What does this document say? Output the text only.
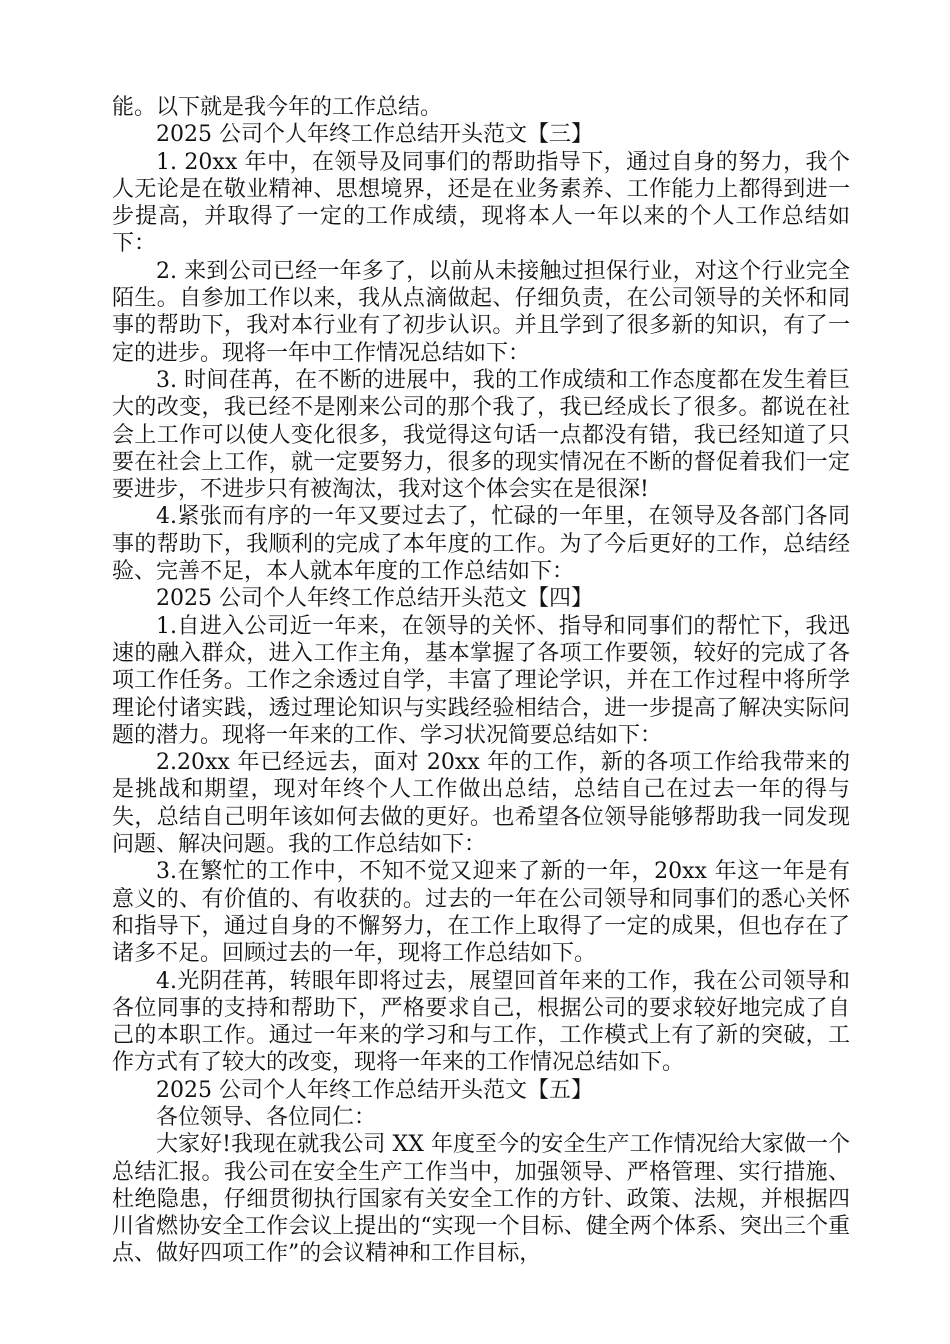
能。以下就是我今年的工作总结。

2025 公司个人年终工作总结开头范文【三】

1. 20xx 年中，在领导及同事们的帮助指导下，通过自身的努力，我个人无论是在敬业精神、思想境界，还是在业务素养、工作能力上都得到进一步提高，并取得了一定的工作成绩，现将本人一年以来的个人工作总结如下：

2. 来到公司已经一年多了，以前从未接触过担保行业，对这个行业完全陌生。自参加工作以来，我从点滴做起、仔细负责，在公司领导的关怀和同事的帮助下，我对本行业有了初步认识。并且学到了很多新的知识，有了一定的进步。现将一年中工作情况总结如下：

3. 时间荏苒，在不断的进展中，我的工作成绩和工作态度都在发生着巨大的改变，我已经不是刚来公司的那个我了，我已经成长了很多。都说在社会上工作可以使人变化很多，我觉得这句话一点都没有错，我已经知道了只要在社会上工作，就一定要努力，很多的现实情况在不断的督促着我们一定要进步，不进步只有被淘汰，我对这个体会实在是很深!

4.紧张而有序的一年又要过去了，忙碌的一年里，在领导及各部门各同事的帮助下，我顺利的完成了本年度的工作。为了今后更好的工作，总结经验、完善不足，本人就本年度的工作总结如下：

2025 公司个人年终工作总结开头范文【四】

1.自进入公司近一年来，在领导的关怀、指导和同事们的帮忙下，我迅速的融入群众，进入工作主角，基本掌握了各项工作要领，较好的完成了各项工作任务。工作之余透过自学，丰富了理论学识，并在工作过程中将所学理论付诸实践，透过理论知识与实践经验相结合，进一步提高了解决实际问题的潜力。现将一年来的工作、学习状况简要总结如下：

2.20xx 年已经远去，面对 20xx 年的工作，新的各项工作给我带来的是挑战和期望，现对年终个人工作做出总结，总结自己在过去一年的得与失，总结自己明年该如何去做的更好。也希望各位领导能够帮助我一同发现问题、解决问题。我的工作总结如下：

3.在繁忙的工作中，不知不觉又迎来了新的一年，20xx 年这一年是有意义的、有价值的、有收获的。过去的一年在公司领导和同事们的悉心关怀和指导下，通过自身的不懈努力，在工作上取得了一定的成果，但也存在了诸多不足。回顾过去的一年，现将工作总结如下。

4.光阴荏苒，转眼年即将过去，展望回首年来的工作，我在公司领导和各位同事的支持和帮助下，严格要求自己，根据公司的要求较好地完成了自己的本职工作。通过一年来的学习和与工作，工作模式上有了新的突破，工作方式有了较大的改变，现将一年来的工作情况总结如下。

2025 公司个人年终工作总结开头范文【五】

各位领导、各位同仁：

大家好!我现在就我公司 XX 年度至今的安全生产工作情况给大家做一个总结汇报。我公司在安全生产工作当中，加强领导、严格管理、实行措施、杜绝隐患，仔细贯彻执行国家有关安全工作的方针、政策、法规，并根据四川省燃协安全工作会议上提出的“实现一个目标、健全两个体系、突出三个重点、做好四项工作”的会议精神和工作目标，
